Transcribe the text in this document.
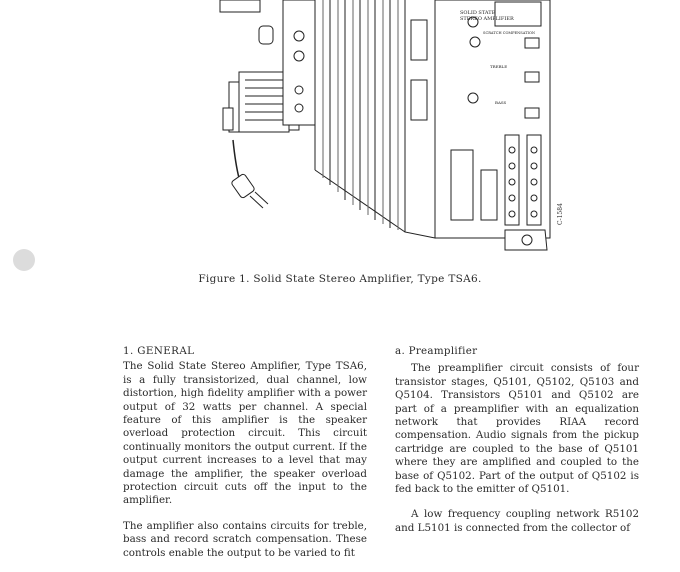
SOLID STATE
STEREO AMPLIFIER
SCRATCH COMPENSATION
TREBLE
BASS
C-1584
Figure 1. Solid State Stereo Amplifier, Type TSA6.
1. GENERAL
The Solid State Stereo Amplifier, Type TSA6, is a fully transistorized, dual channel, low distortion, high fidelity amplifier with a power output of 32 watts per channel. A special feature of this amplifier is the speaker overload protection circuit. This circuit continually monitors the output current. If the output current increases to a level that may damage the amplifier, the speaker overload protection circuit cuts off the input to the amplifier.
The amplifier also contains circuits for treble, bass and record scratch compensation. These controls enable the output to be varied to fit
a. Preamplifier
The preamplifier circuit consists of four transistor stages, Q5101, Q5102, Q5103 and Q5104. Transistors Q5101 and Q5102 are part of a preamplifier with an equalization network that provides RIAA record compensation. Audio signals from the pickup cartridge are coupled to the base of Q5101 where they are amplified and coupled to the base of Q5102. Part of the output of Q5102 is fed back to the emitter of Q5101.
A low frequency coupling network R5102 and L5101 is connected from the collector of
